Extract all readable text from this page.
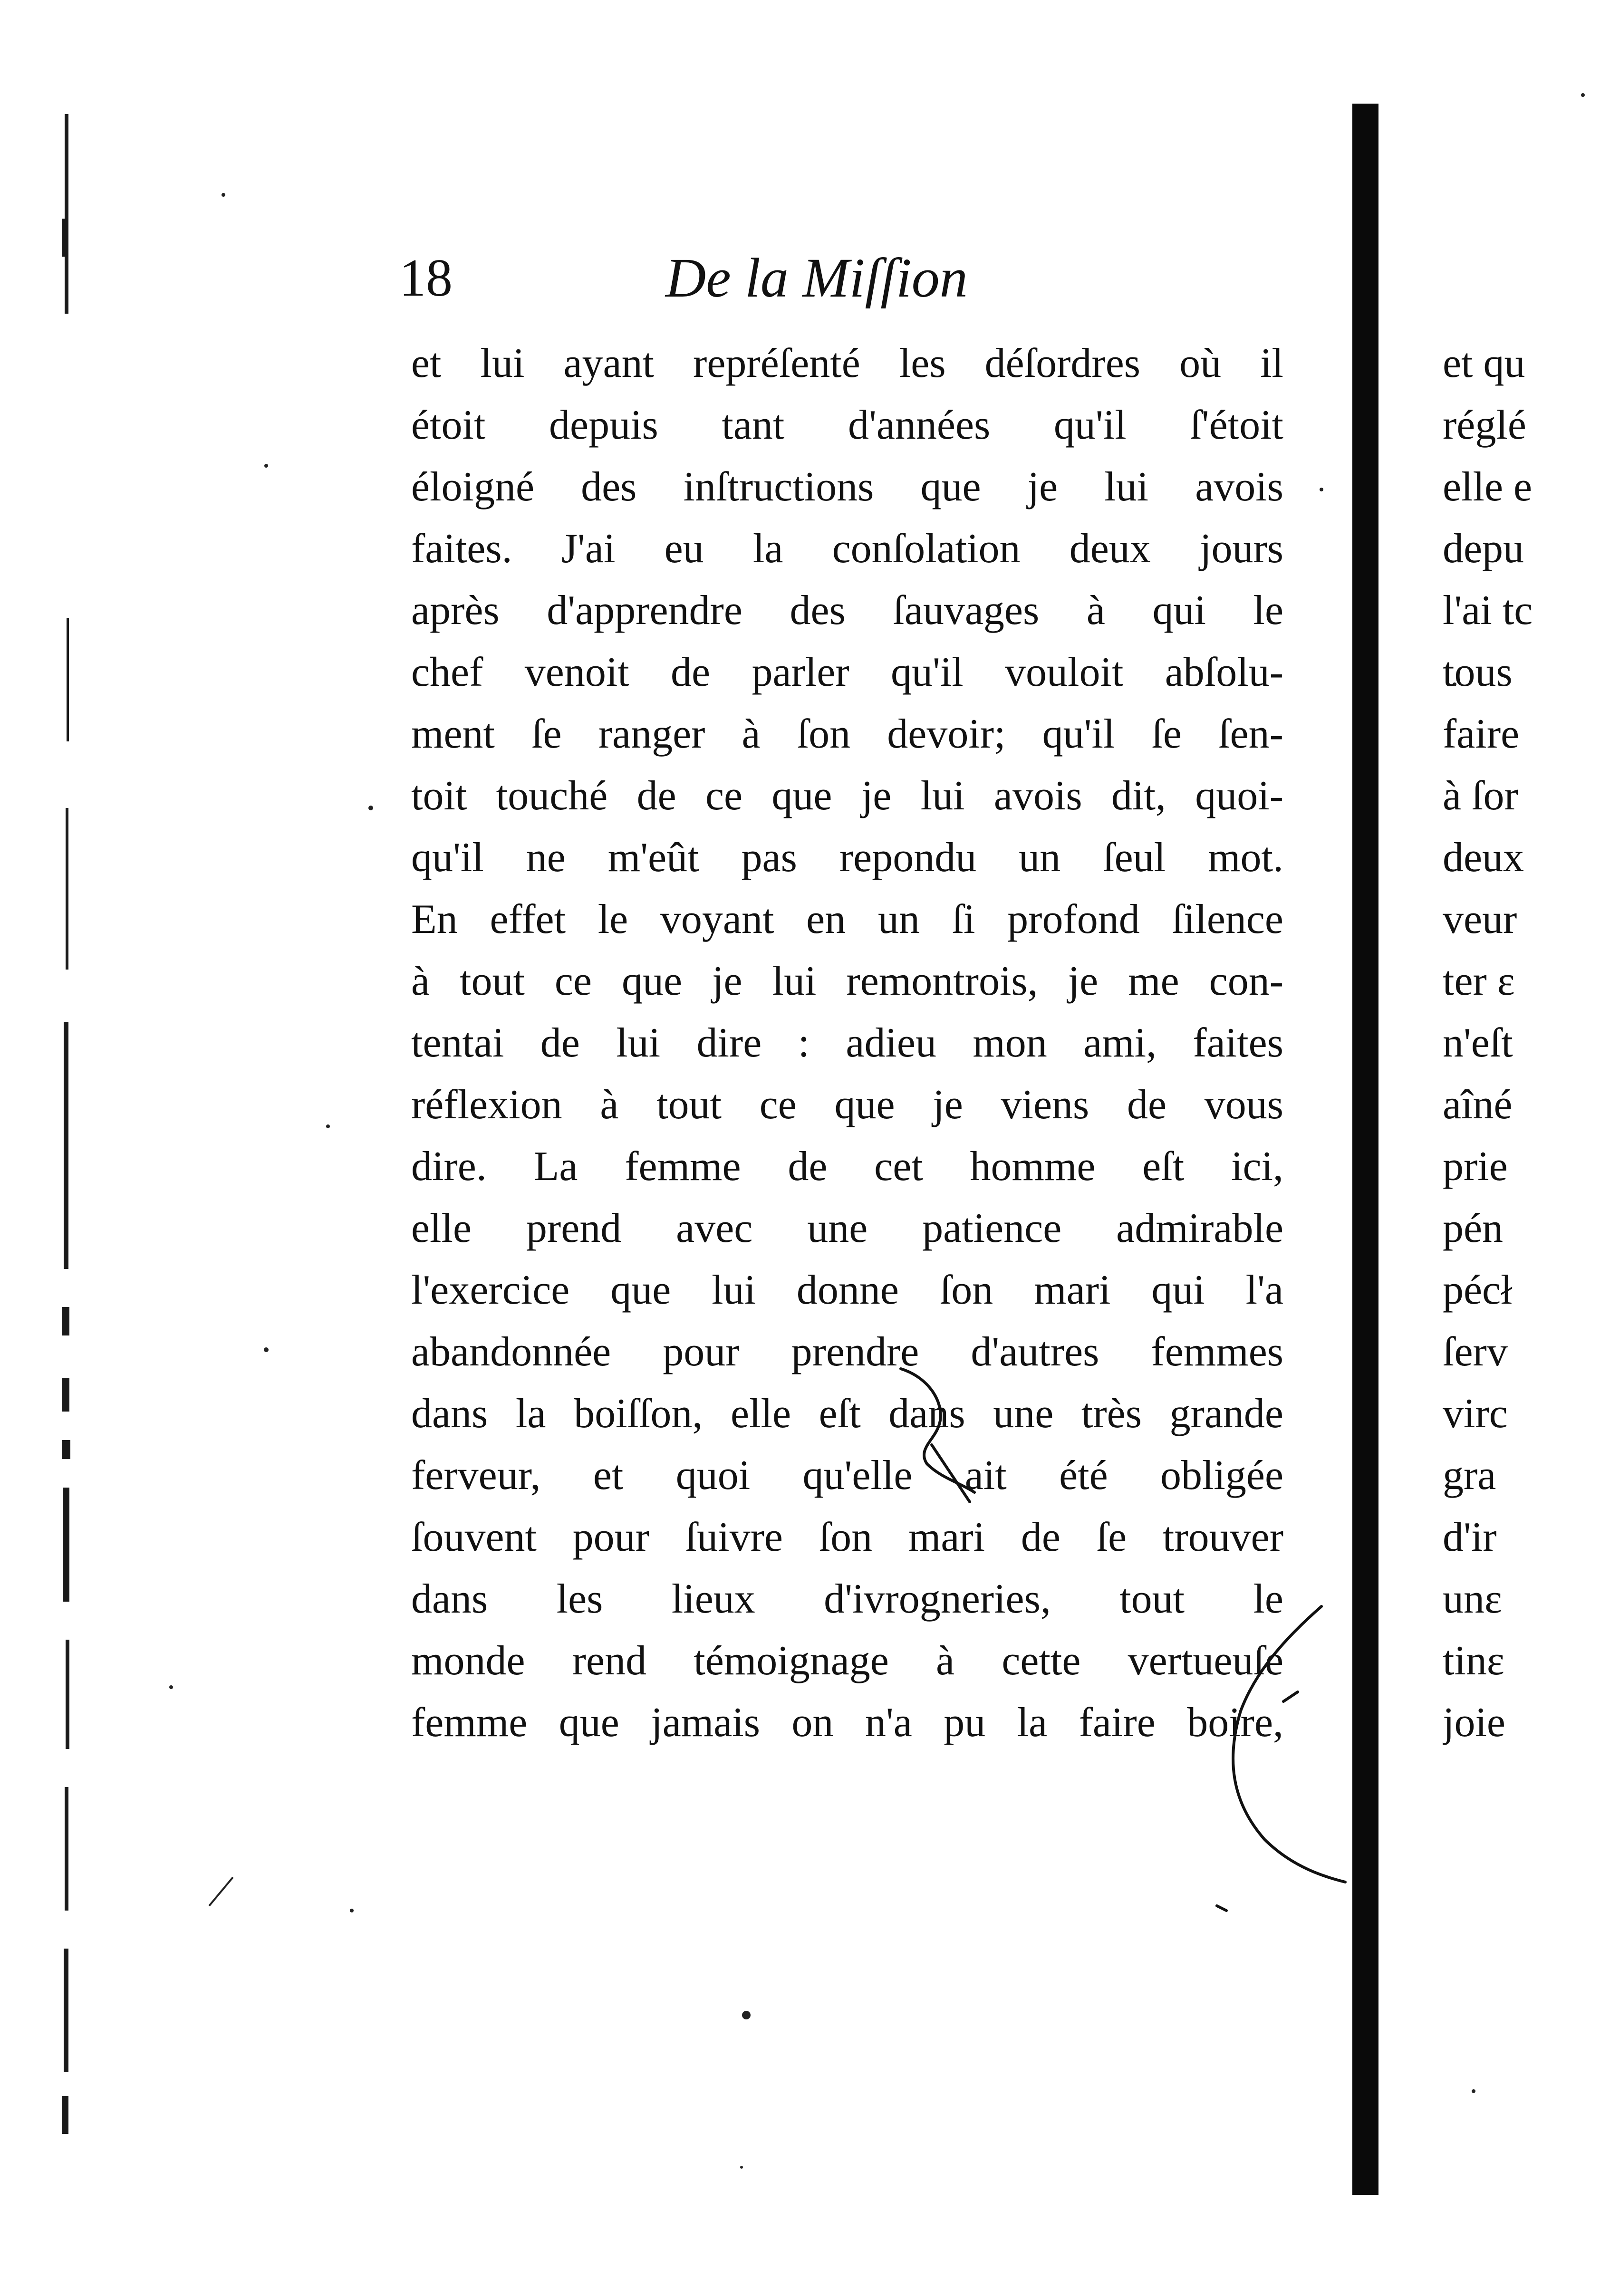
18	De la Miſſion
et lui ayant repréſenté les déſordres où il
étoit depuis tant d'années qu'il ſ'étoit
éloigné des inſtructions que je lui avois
faites. J'ai eu la conſolation deux jours
après d'apprendre des ſauvages à qui le
chef venoit de parler qu'il vouloit abſolu-
ment ſe ranger à ſon devoir; qu'il ſe ſen-
toit touché de ce que je lui avois dit, quoi-
qu'il ne m'eût pas repondu un ſeul mot.
En effet le voyant en un ſi profond ſilence
à tout ce que je lui remontrois, je me con-
tentai de lui dire : adieu mon ami, faites
réflexion à tout ce que je viens de vous
dire. La femme de cet homme eſt ici,
elle prend avec une patience admirable
l'exercice que lui donne ſon mari qui l'a
abandonnée pour prendre d'autres femmes
dans la boiſſon, elle eſt dans une très grande
ferveur, et quoi qu'elle ait été obligée
ſouvent pour ſuivre ſon mari de ſe trouver
dans les lieux d'ivrogneries, tout le
monde rend témoignage à cette vertueuſe
femme que jamais on n'a pu la faire boire,
et qu
réglé
elle e
depu
l'ai tc
tous
faire
à ſor
deux
veur
ter ε
n'eſt
aîné
prie
pén
pécł
ſerv
virc
gra
d'ir
unε
tinε
joie
